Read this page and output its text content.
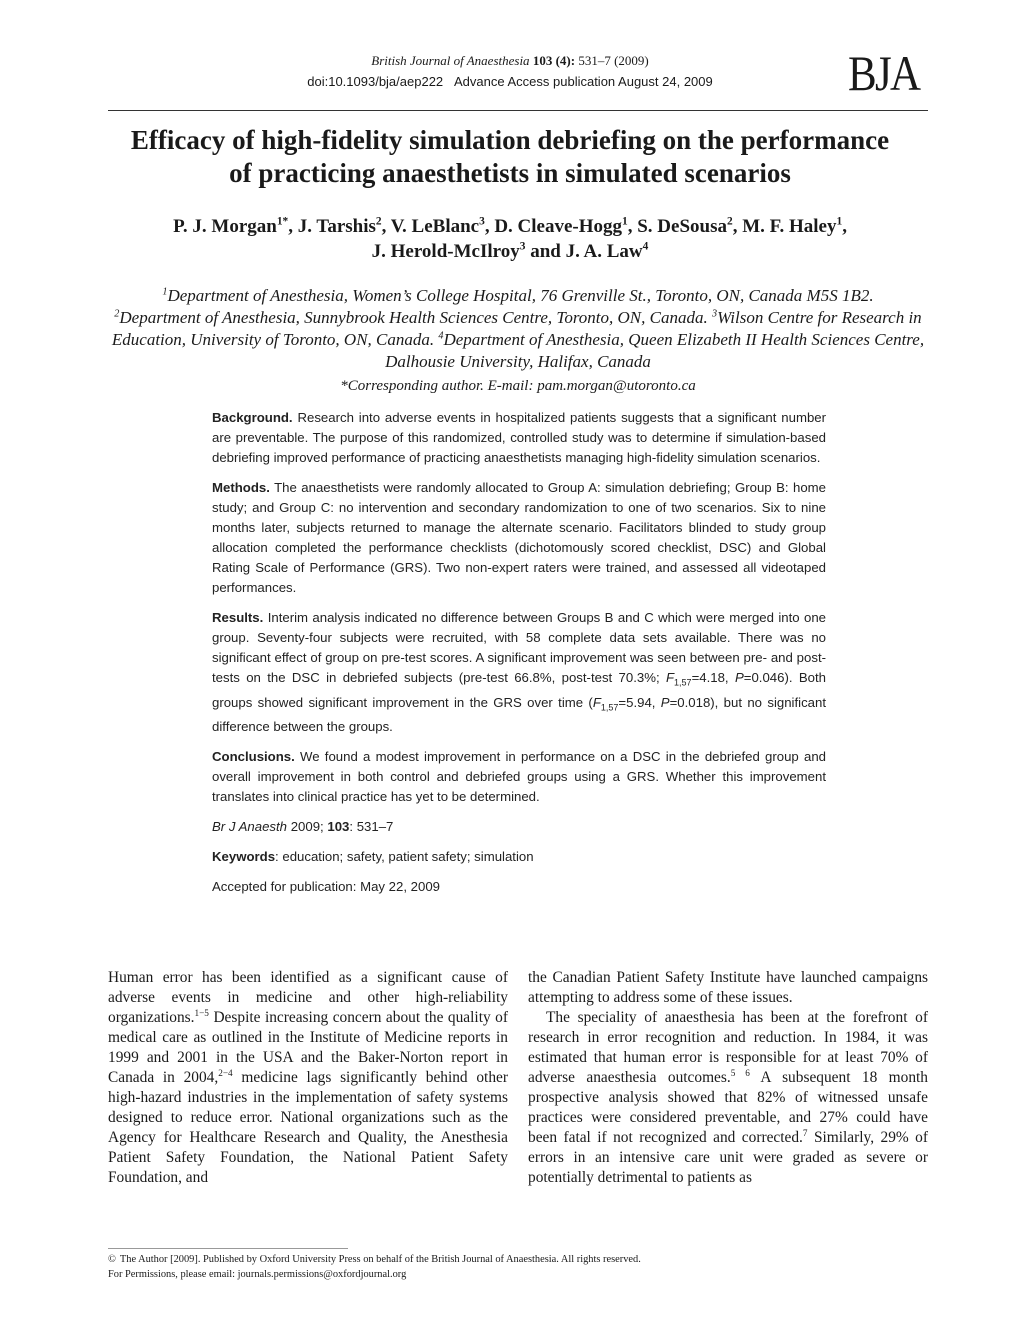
British Journal of Anaesthesia 103 (4): 531–7 (2009)
doi:10.1093/bja/aep222 Advance Access publication August 24, 2009	BJA
Efficacy of high-fidelity simulation debriefing on the performance
of practicing anaesthetists in simulated scenarios
P. J. Morgan$^{1*}$, J. Tarshis$^2$, V. LeBlanc$^3$, D. Cleave-Hogg$^1$, S. DeSousa$^2$, M. F. Haley$^1$,
J. Herold-McIlroy$^3$ and J. A. Law$^4$
$^1$Department of Anesthesia, Women’s College Hospital, 76 Grenville St., Toronto, ON, Canada M5S 1B2.
$^2$Department of Anesthesia, Sunnybrook Health Sciences Centre, Toronto, ON, Canada. $^3$Wilson Centre for Research in Education, University of Toronto, ON, Canada. $^4$Department of Anesthesia, Queen Elizabeth II Health Sciences Centre, Dalhousie University, Halifax, Canada
*Corresponding author. E-mail: pam.morgan@utoronto.ca

Background. Research into adverse events in hospitalized patients suggests that a significant number are preventable. The purpose of this randomized, controlled study was to determine if simulation-based debriefing improved performance of practicing anaesthetists managing high-fidelity simulation scenarios.

Methods. The anaesthetists were randomly allocated to Group A: simulation debriefing; Group B: home study; and Group C: no intervention and secondary randomization to one of two scenarios. Six to nine months later, subjects returned to manage the alternate scenario. Facilitators blinded to study group allocation completed the performance checklists (dichotomously scored checklist, DSC) and Global Rating Scale of Performance (GRS). Two non-expert raters were trained, and assessed all videotaped performances.

Results. Interim analysis indicated no difference between Groups B and C which were merged into one group. Seventy-four subjects were recruited, with 58 complete data sets available. There was no significant effect of group on pre-test scores. A significant improvement was seen between pre- and post-tests on the DSC in debriefed subjects (pre-test 66.8%, post-test 70.3%; $F_{1,57}=4.18$, P=0.046). Both groups showed significant improvement in the GRS over time ($F_{1,57}=5.94$, P=0.018), but no significant difference between the groups.

Conclusions. We found a modest improvement in performance on a DSC in the debriefed group and overall improvement in both control and debriefed groups using a GRS. Whether this improvement translates into clinical practice has yet to be determined.

Br J Anaesth 2009; 103: 531–7

Keywords: education; safety, patient safety; simulation

Accepted for publication: May 22, 2009

Human error has been identified as a significant cause of adverse events in medicine and other high-reliability organizations.$^{1-5}$ Despite increasing concern about the quality of medical care as outlined in the Institute of Medicine reports in 1999 and 2001 in the USA and the Baker-Norton report in Canada in 2004,$^{2-4}$ medicine lags significantly behind other high-hazard industries in the implementation of safety systems designed to reduce error. National organizations such as the Agency for Healthcare Research and Quality, the Anesthesia Patient Safety Foundation, the National Patient Safety Foundation, and

the Canadian Patient Safety Institute have launched campaigns attempting to address some of these issues.

The speciality of anaesthesia has been at the forefront of research in error recognition and reduction. In 1984, it was estimated that human error is responsible for at least 70% of adverse anaesthesia outcomes.$^{5 6}$ A subsequent 18 month prospective analysis showed that 82% of witnessed unsafe practices were considered preventable, and 27% could have been fatal if not recognized and corrected.$^7$ Similarly, 29% of errors in an intensive care unit were graded as severe or potentially detrimental to patients as

© The Author [2009]. Published by Oxford University Press on behalf of the British Journal of Anaesthesia. All rights reserved.
For Permissions, please email: journals.permissions@oxfordjournal.org
